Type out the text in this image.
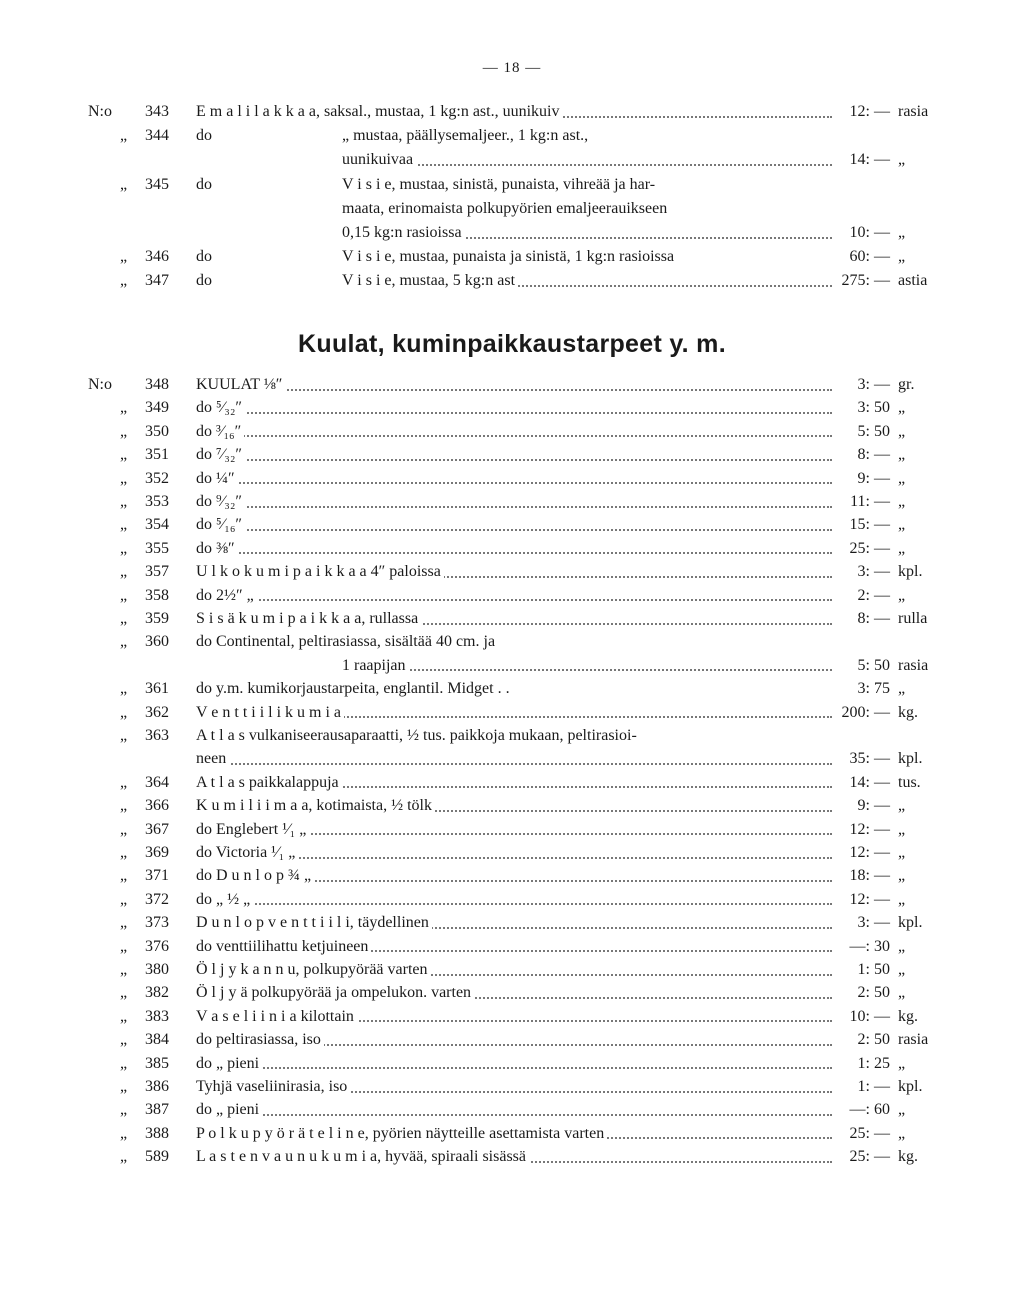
— 18 —
N:o	343	E m a l i l a k k a a, saksal., mustaa, 1 kg:n ast., uunikuiv	12: — rasia
„	344	do	„ mustaa, päällysemaljeer., 1 kg:n ast.,
uunikuivaa	14: — „
„	345	do	V i s i e, mustaa, sinistä, punaista, vihreää ja har-
maata, erinomaista polkupyörien emaljeerauikseen
0,15 kg:n rasioissa	10: — „
„	346	do	V i s i e, mustaa, punaista ja sinistä, 1 kg:n rasioissa	60: — „
„	347	do	V i s i e, mustaa, 5 kg:n ast	275: — astia
Kuulat, kuminpaikkaustarpeet y. m.
N:o	348	KUULAT ⅛″	3: — gr.
„	349	do ⁵⁄₃₂″	3: 50 „
„	350	do ³⁄₁₆″	5: 50 „
„	351	do ⁷⁄₃₂″	8: — „
„	352	do ¼″	9: — „
„	353	do ⁹⁄₃₂″	11: — „
„	354	do ⁵⁄₁₆″	15: — „
„	355	do ⅜″	25: — „
„	357	U l k o k u m i p a i k k a a 4″ paloissa	3: — kpl.
„	358	do 2½″ „	2: — „
„	359	S i s ä k u m i p a i k k a a, rullassa	8: — rulla
„	360	do Continental, peltirasiassa, sisältää 40 cm. ja
1 raapijan	5: 50 rasia
„	361	do y.m. kumikorjaustarpeita, englantil. Midget . .	3: 75 „
„	362	V e n t t i i l i k u m i a	200: — kg.
„	363	A t l a s vulkaniseerausaparaatti, ½ tus. paikkoja mukaan, peltirasioi-
neen	35: — kpl.
„	364	A t l a s paikkalappuja	14: — tus.
„	366	K u m i l i i m a a, kotimaista, ½ tölk	9: — „
„	367	do Englebert ¹⁄₁ „	12: — „
„	369	do Victoria ¹⁄₁ „	12: — „
„	371	do D u n l o p ¾ „	18: — „
„	372	do „ ½ „	12: — „
„	373	D u n l o p v e n t t i i l i, täydellinen	3: — kpl.
„	376	do venttiilihattu ketjuineen	—: 30 „
„	380	Ö l j y k a n n u, polkupyörää varten	1: 50 „
„	382	Ö l j y ä polkupyörää ja ompelukon. varten	2: 50 „
„	383	V a s e l i i n i a kilottain	10: — kg.
„	384	do peltirasiassa, iso	2: 50 rasia
„	385	do „ pieni	1: 25 „
„	386	Tyhjä vaseliinirasia, iso	1: — kpl.
„	387	do „ pieni	—: 60 „
„	388	P o l k u p y ö r ä t e l i n e, pyörien näytteille asettamista varten	25: — „
„	589	L a s t e n v a u n u k u m i a, hyvää, spiraali sisässä	25: — kg.
